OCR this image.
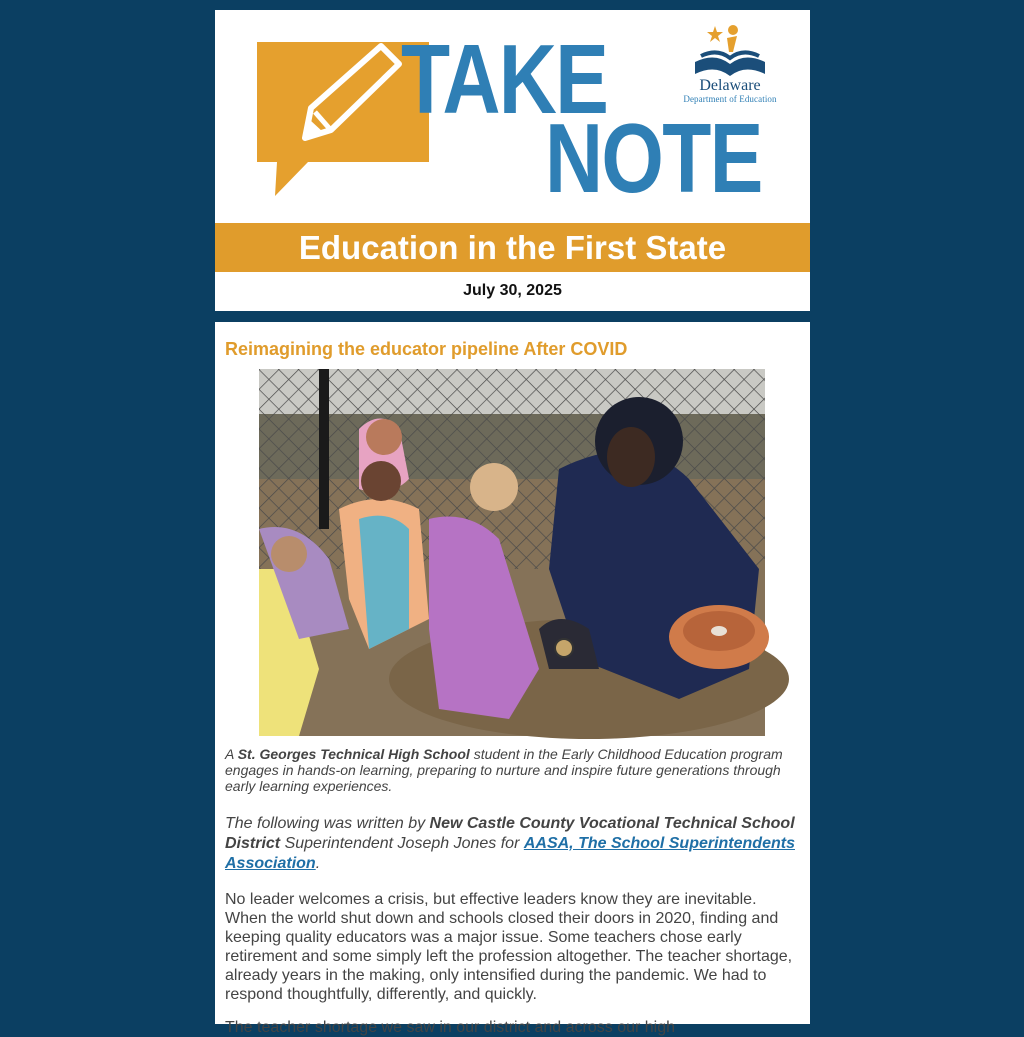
TAKE
NOTE
Delaware
Department of Education
Education in the First State
July 30, 2025
Reimagining the educator pipeline After COVID
A St. Georges Technical High School student in the Early Childhood Education program engages in hands-on learning, preparing to nurture and inspire future generations through early learning experiences.
The following was written by New Castle County Vocational Technical School District Superintendent Joseph Jones for AASA, The School Superintendents Association.

No leader welcomes a crisis, but effective leaders know they are inevitable. When the world shut down and schools closed their doors in 2020, finding and keeping quality educators was a major issue. Some teachers chose early retirement and some simply left the profession altogether. The teacher shortage, already years in the making, only intensified during the pandemic. We had to respond thoughtfully, differently, and quickly.

The teacher shortage we saw in our district and across our high
